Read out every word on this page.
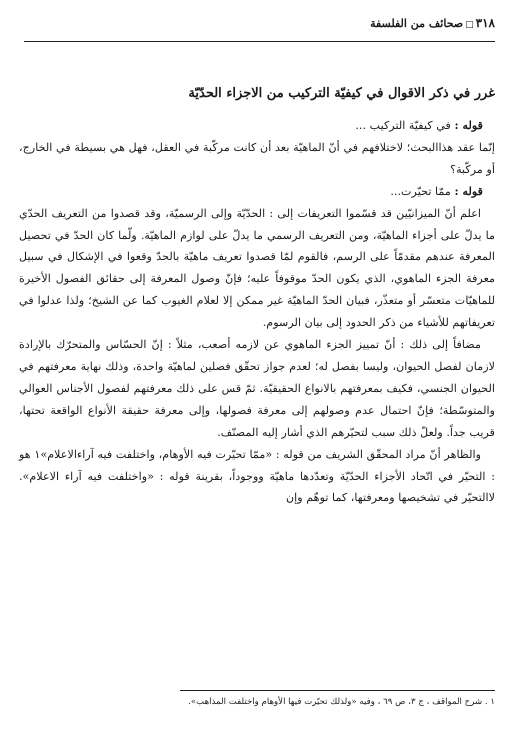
٣١٨□صحائف من الفلسفة
غرر في ذكر الاقوال في كيفيّة التركيب من الاجزاء الحدّيّة

قوله : في كيفيّة التركيب ...

إنّما عقد هذاالبحث؛ لاختلافهم في أنّ الماهيّة بعد أن كانت مركّبة في العقل، فهل هي بسيطة في الخارج، أو مركّبة؟

قوله : ممّا تحيّرت...

اعلم أنّ الميزانيّين قد قسّموا التعريفات إلى : الحدّيّة وإلى الرسميّة، وقد قصدوا من التعريف الحدّي ما يدلّ على أجزاء الماهيّة، ومن التعريف الرسمي ما يدلّ على لوازم الماهيّة. ولّما كان الحدّ في تحصيل المعرفة عندهم مقدمّاً على الرسم، فالقوم لمّا قصدوا تعريف ماهيّة بالحدّ وقعوا في الإشكال في سبيل معرفة الجزء الماهوي، الذي يكون الحدّ موقوفاً عليه؛ فإنّ وصول المعرفة إلى حقائق الفصول الأخيرة للماهيّات متعسّر أو متعذّر، فبيان الحدّ الماهيّة غير ممكن إلا لعلام الغيوب كما عن الشيخ؛ ولذا عدلوا في تعريفاتهم للأشياء من ذكر الحدود إلى بيان الرسوم.

مضافاً إلى ذلك : أنّ تمييز الجزء الماهوي عن لازمه أصعب، مثلاً : إنّ الحسّاس والمتحرّك بالإرادة لازمان لفصل الحيوان، وليسا بفصل له؛ لعدم جواز تحقّق فصلين لماهيّة واحدة، وذلك نهاية معرفتهم في الحيوان الجنسي، فكيف بمعرفتهم بالانواع الحقيقيّة. ثمّ قس على ذلك معرفتهم لفصول الأجناس العوالي والمتوسّطة؛ فإنّ احتمال عدم وصولهم إلى معرفة فصولها، وإلى معرفة حقيقة الأنواع الواقعة تحتها، قريب جداً. ولعلّ ذلك سبب لتحيّرهم الذي أشار إليه المصنّف.

والظاهر أنّ مراد المحقّق الشريف من قوله : «ممّا تحيّرت فيه الأوهام، واختلفت فيه آراءالاعلام»١ هو : التحيّر في اتّحاد الأجزاء الحدّيّة وتعدّدها ماهيّة ووجوداً، بقرينة قوله : «واختلفت فيه آراء الاعلام». لاالتحيّر في تشخيصها ومعرفتها، كما توهّم وإن

١ . شرح المواقف ، ج ٣، ص ٦٩ ، وفيه «ولذلك تحيّرت فيها الأوهام واختلفت المذاهب».
